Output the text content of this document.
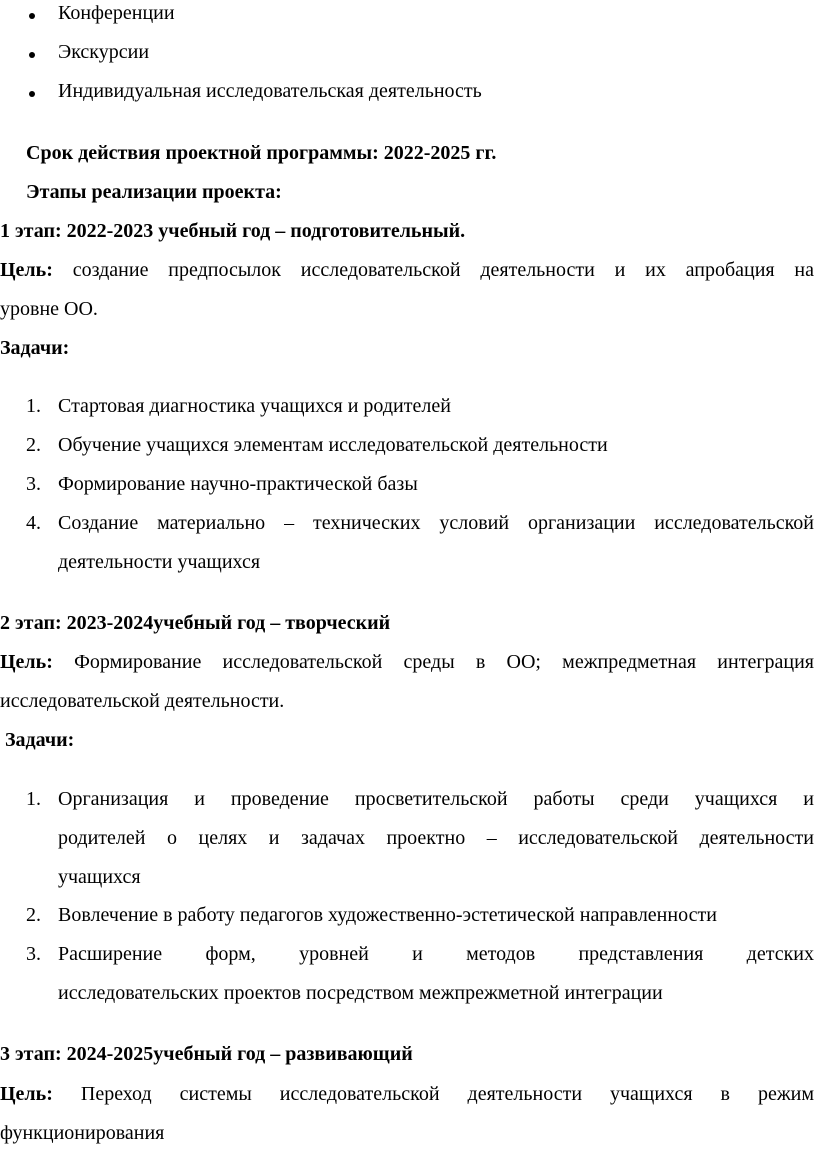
Конференции
Экскурсии
Индивидуальная исследовательская деятельность
Срок действия проектной программы: 2022-2025 гг.
Этапы реализации проекта:
1 этап: 2022-2023 учебный год – подготовительный.
Цель: создание предпосылок исследовательской деятельности и их апробация на
уровне ОО.
Задачи:
1. Стартовая диагностика учащихся и родителей
2. Обучение учащихся элементам исследовательской деятельности
3. Формирование научно-практической базы
4. Создание материально – технических условий организации исследовательской
деятельности учащихся
2 этап: 2023-2024учебный год – творческий
Цель: Формирование исследовательской среды в ОО; межпредметная интеграция
исследовательской деятельности.
Задачи:
1. Организация и проведение просветительской работы среди учащихся и
родителей о целях и задачах проектно – исследовательской деятельности
учащихся
2. Вовлечение в работу педагогов художественно-эстетической направленности
3. Расширение форм, уровней и методов представления детских
исследовательских проектов посредством межпрежметной интеграции
3 этап: 2024-2025учебный год – развивающий
Цель: Переход системы исследовательской деятельности учащихся в режим
функционирования
